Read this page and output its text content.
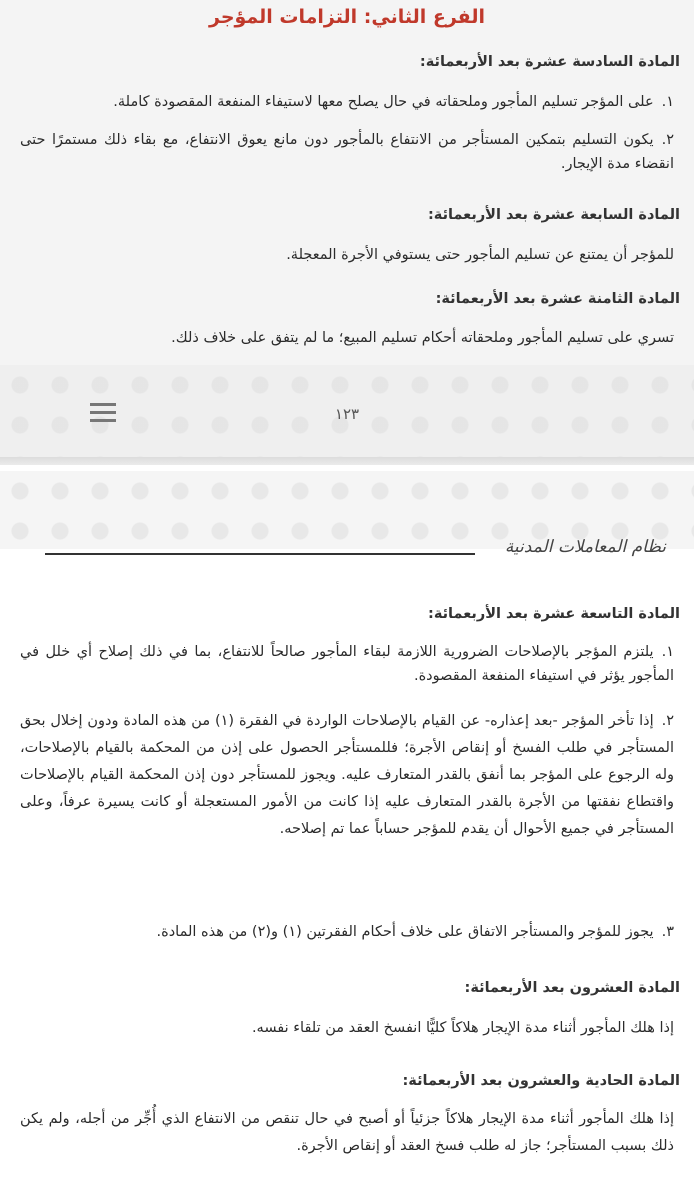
الفرع الثاني: التزامات المؤجر
المادة السادسة عشرة بعد الأربعمائة:
١.على المؤجر تسليم المأجور وملحقاته في حال يصلح معها لاستيفاء المنفعة المقصودة كاملة.
٢.يكون التسليم بتمكين المستأجر من الانتفاع بالمأجور دون مانع يعوق الانتفاع، مع بقاء ذلك مستمرًا حتى انقضاء مدة الإيجار.
المادة السابعة عشرة بعد الأربعمائة:
للمؤجر أن يمتنع عن تسليم المأجور حتى يستوفي الأجرة المعجلة.
المادة الثامنة عشرة بعد الأربعمائة:
تسري على تسليم المأجور وملحقاته أحكام تسليم المبيع؛ ما لم يتفق على خلاف ذلك.
١٢٣
نظام المعاملات المدنية
المادة التاسعة عشرة بعد الأربعمائة:
١.يلتزم المؤجر بالإصلاحات الضرورية اللازمة لبقاء المأجور صالحاً للانتفاع، بما في ذلك إصلاح أي خلل في المأجور يؤثر في استيفاء المنفعة المقصودة.
٢.إذا تأخر المؤجر -بعد إعذاره- عن القيام بالإصلاحات الواردة في الفقرة (١) من هذه المادة ودون إخلال بحق المستأجر في طلب الفسخ أو إنقاص الأجرة؛ فللمستأجر الحصول على إذن من المحكمة بالقيام بالإصلاحات، وله الرجوع على المؤجر بما أنفق بالقدر المتعارف عليه. ويجوز للمستأجر دون إذن المحكمة القيام بالإصلاحات واقتطاع نفقتها من الأجرة بالقدر المتعارف عليه إذا كانت من الأمور المستعجلة أو كانت يسيرة عرفاً، وعلى المستأجر في جميع الأحوال أن يقدم للمؤجر حساباً عما تم إصلاحه.
٣.يجوز للمؤجر والمستأجر الاتفاق على خلاف أحكام الفقرتين (١) و(٢) من هذه المادة.
المادة العشرون بعد الأربعمائة:
إذا هلك المأجور أثناء مدة الإيجار هلاكاً كليًّا انفسخ العقد من تلقاء نفسه.
المادة الحادية والعشرون بعد الأربعمائة:
إذا هلك المأجور أثناء مدة الإيجار هلاكاً جزئياً أو أصبح في حال تنقص من الانتفاع الذي أُجِّر من أجله، ولم يكن ذلك بسبب المستأجر؛ جاز له طلب فسخ العقد أو إنقاص الأجرة.
